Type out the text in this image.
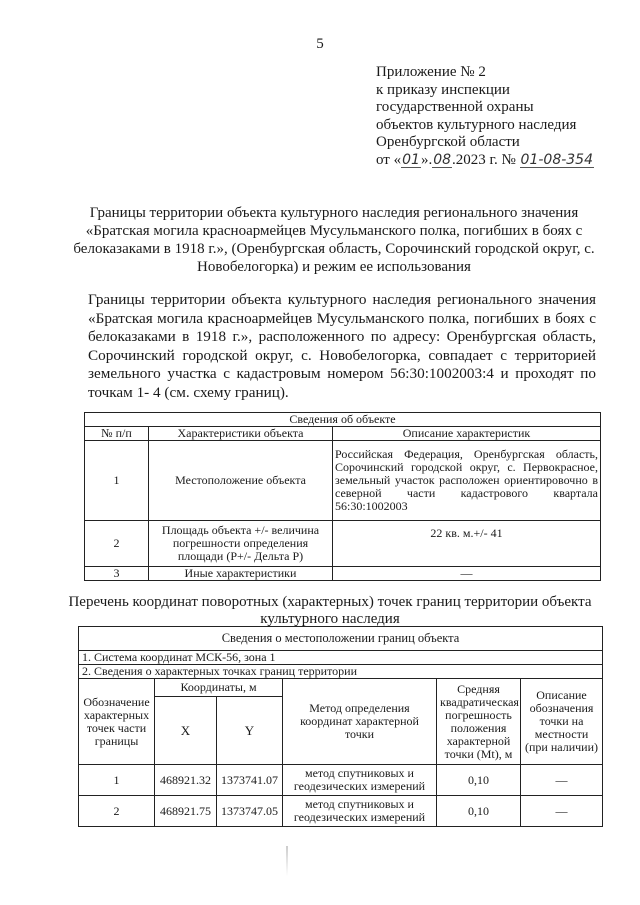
5
Приложение № 2
к приказу инспекции
государственной охраны
объектов культурного наследия
Оренбургской области
от «01».08.2023 г. № 01-08-354
Границы территории объекта культурного наследия регионального значения «Братская могила красноармейцев Мусульманского полка, погибших в боях с белоказаками в 1918 г.», (Оренбургская область, Сорочинский городской округ, с. Новобелогорка) и режим ее использования
Границы территории объекта культурного наследия регионального значения «Братская могила красноармейцев Мусульманского полка, погибших в боях с белоказаками в 1918 г.», расположенного по адресу: Оренбургская область, Сорочинский городской округ, с. Новобелогорка, совпадает с территорией земельного участка с кадастровым номером 56:30:1002003:4 и проходят по точкам 1- 4 (см. схему границ).
Сведения об объекте		
№ п/п	Характеристики объекта	Описание характеристик
1	Местоположение объекта	Российская Федерация, Оренбургская область, Сорочинский городской округ, с. Первокрасное, земельный участок расположен ориентировочно в северной части кадастрового квартала 56:30:1002003
2	Площадь объекта +/- величина погрешности определения площади (Р+/- Дельта Р)	22 кв. м.+/- 41
3	Иные характеристики	—
Перечень координат поворотных (характерных) точек границ территории объекта культурного наследия
Сведения о местоположении границ объекта					
1. Система координат МСК-56, зона 1					
2. Сведения о характерных точках границ территории					
Обозначение характерных точек части границы	Координаты, м		Метод определения координат характерной точки	Средняя квадратическая погрешность положения характерной точки (Mt), м	Описание обозначения точки на местности (при наличии)
	X	Y			
1	468921.32	1373741.07	метод спутниковых и геодезических измерений	0,10	—
2	468921.75	1373747.05	метод спутниковых и геодезических измерений	0,10	—
